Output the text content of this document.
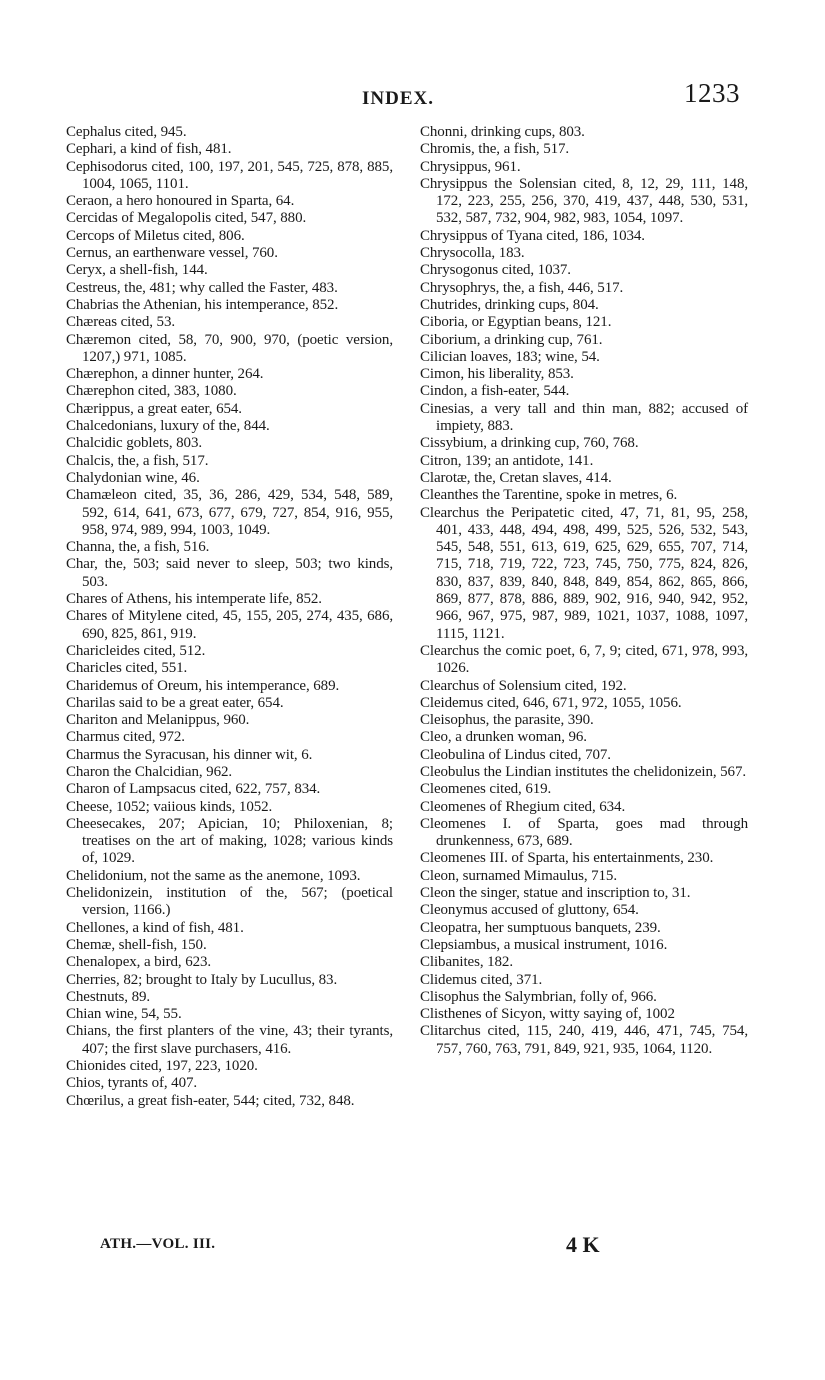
INDEX.	1233
Cephalus cited, 945.
Cephari, a kind of fish, 481.
Cephisodorus cited, 100, 197, 201, 545, 725, 878, 885, 1004, 1065, 1101.
Ceraon, a hero honoured in Sparta, 64.
Cercidas of Megalopolis cited, 547, 880.
Cercops of Miletus cited, 806.
Cernus, an earthenware vessel, 760.
Ceryx, a shell-fish, 144.
Cestreus, the, 481; why called the Faster, 483.
Chabrias the Athenian, his intemperance, 852.
Chæreas cited, 53.
Chæremon cited, 58, 70, 900, 970, (poetic version, 1207,) 971, 1085.
Chærephon, a dinner hunter, 264.
Chærephon cited, 383, 1080.
Chærippus, a great eater, 654.
Chalcedonians, luxury of the, 844.
Chalcidic goblets, 803.
Chalcis, the, a fish, 517.
Chalydonian wine, 46.
Chamæleon cited, 35, 36, 286, 429, 534, 548, 589, 592, 614, 641, 673, 677, 679, 727, 854, 916, 955, 958, 974, 989, 994, 1003, 1049.
Channa, the, a fish, 516.
Char, the, 503; said never to sleep, 503; two kinds, 503.
Chares of Athens, his intemperate life, 852.
Chares of Mitylene cited, 45, 155, 205, 274, 435, 686, 690, 825, 861, 919.
Charicleides cited, 512.
Charicles cited, 551.
Charidemus of Oreum, his intemperance, 689.
Charilas said to be a great eater, 654.
Chariton and Melanippus, 960.
Charmus cited, 972.
Charmus the Syracusan, his dinner wit, 6.
Charon the Chalcidian, 962.
Charon of Lampsacus cited, 622, 757, 834.
Cheese, 1052; vaiious kinds, 1052.
Cheesecakes, 207; Apician, 10; Philoxenian, 8; treatises on the art of making, 1028; various kinds of, 1029.
Chelidonium, not the same as the anemone, 1093.
Chelidonizein, institution of the, 567; (poetical version, 1166.)
Chellones, a kind of fish, 481.
Chemæ, shell-fish, 150.
Chenalopex, a bird, 623.
Cherries, 82; brought to Italy by Lucullus, 83.
Chestnuts, 89.
Chian wine, 54, 55.
Chians, the first planters of the vine, 43; their tyrants, 407; the first slave purchasers, 416.
Chionides cited, 197, 223, 1020.
Chios, tyrants of, 407.
Chœrilus, a great fish-eater, 544; cited, 732, 848.
Chonni, drinking cups, 803.
Chromis, the, a fish, 517.
Chrysippus, 961.
Chrysippus the Solensian cited, 8, 12, 29, 111, 148, 172, 223, 255, 256, 370, 419, 437, 448, 530, 531, 532, 587, 732, 904, 982, 983, 1054, 1097.
Chrysippus of Tyana cited, 186, 1034.
Chrysocolla, 183.
Chrysogonus cited, 1037.
Chrysophrys, the, a fish, 446, 517.
Chutrides, drinking cups, 804.
Ciboria, or Egyptian beans, 121.
Ciborium, a drinking cup, 761.
Cilician loaves, 183; wine, 54.
Cimon, his liberality, 853.
Cindon, a fish-eater, 544.
Cinesias, a very tall and thin man, 882; accused of impiety, 883.
Cissybium, a drinking cup, 760, 768.
Citron, 139; an antidote, 141.
Clarotæ, the, Cretan slaves, 414.
Cleanthes the Tarentine, spoke in metres, 6.
Clearchus the Peripatetic cited, 47, 71, 81, 95, 258, 401, 433, 448, 494, 498, 499, 525, 526, 532, 543, 545, 548, 551, 613, 619, 625, 629, 655, 707, 714, 715, 718, 719, 722, 723, 745, 750, 775, 824, 826, 830, 837, 839, 840, 848, 849, 854, 862, 865, 866, 869, 877, 878, 886, 889, 902, 916, 940, 942, 952, 966, 967, 975, 987, 989, 1021, 1037, 1088, 1097, 1115, 1121.
Clearchus the comic poet, 6, 7, 9; cited, 671, 978, 993, 1026.
Clearchus of Solensium cited, 192.
Cleidemus cited, 646, 671, 972, 1055, 1056.
Cleisophus, the parasite, 390.
Cleo, a drunken woman, 96.
Cleobulina of Lindus cited, 707.
Cleobulus the Lindian institutes the chelidonizein, 567.
Cleomenes cited, 619.
Cleomenes of Rhegium cited, 634.
Cleomenes I. of Sparta, goes mad through drunkenness, 673, 689.
Cleomenes III. of Sparta, his entertainments, 230.
Cleon, surnamed Mimaulus, 715.
Cleon the singer, statue and inscription to, 31.
Cleonymus accused of gluttony, 654.
Cleopatra, her sumptuous banquets, 239.
Clepsiambus, a musical instrument, 1016.
Clibanites, 182.
Clidemus cited, 371.
Clisophus the Salymbrian, folly of, 966.
Clisthenes of Sicyon, witty saying of, 1002
Clitarchus cited, 115, 240, 419, 446, 471, 745, 754, 757, 760, 763, 791, 849, 921, 935, 1064, 1120.
ATH.—VOL. III.	4 K
